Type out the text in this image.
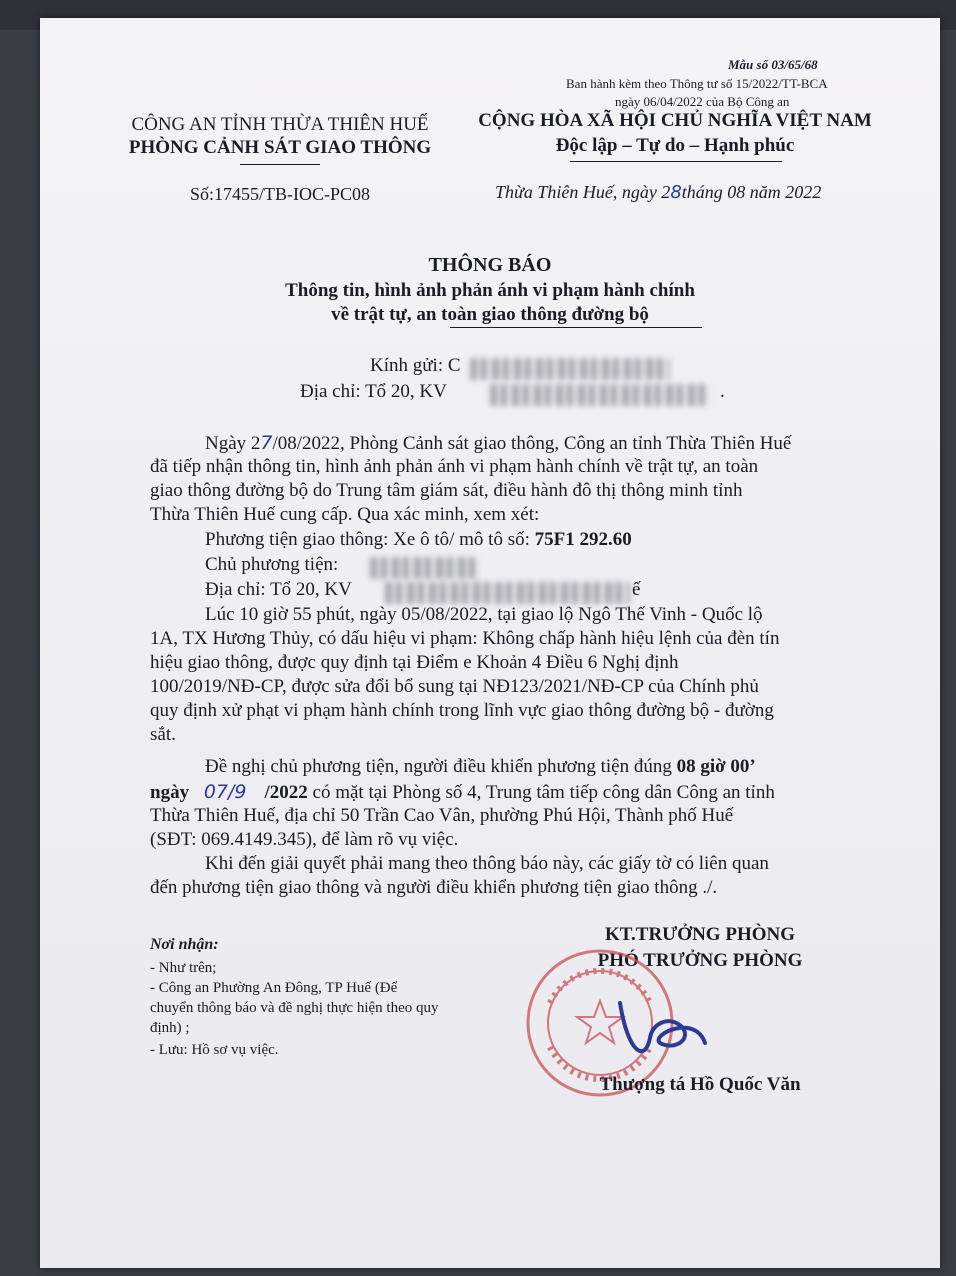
Mẫu số 03/65/68
Ban hành kèm theo Thông tư số 15/2022/TT-BCA
ngày 06/04/2022 của Bộ Công an
CÔNG AN TỈNH THỪA THIÊN HUẾ
PHÒNG CẢNH SÁT GIAO THÔNG
Số:17455/TB-IOC-PC08
CỘNG HÒA XÃ HỘI CHỦ NGHĨA VIỆT NAM
Độc lập – Tự do – Hạnh phúc
Thừa Thiên Huế, ngày 28tháng 08 năm 2022
THÔNG BÁO
Thông tin, hình ảnh phản ánh vi phạm hành chính
về trật tự, an toàn giao thông đường bộ
Kính gửi: C
Địa chỉ: Tổ 20, KV	.
Ngày 27/08/2022, Phòng Cảnh sát giao thông, Công an tỉnh Thừa Thiên Huế
đã tiếp nhận thông tin, hình ảnh phản ánh vi phạm hành chính về trật tự, an toàn
giao thông đường bộ do Trung tâm giám sát, điều hành đô thị thông minh tỉnh
Thừa Thiên Huế cung cấp. Qua xác minh, xem xét:
Phương tiện giao thông: Xe ô tô/ mô tô số: 75F1 292.60
Chủ phương tiện:
Địa chỉ: Tổ 20, KV	ế
Lúc 10 giờ 55 phút, ngày 05/08/2022, tại giao lộ Ngô Thế Vinh - Quốc lộ
1A, TX Hương Thủy, có dấu hiệu vi phạm: Không chấp hành hiệu lệnh của đèn tín
hiệu giao thông, được quy định tại Điểm e Khoản 4 Điều 6 Nghị định
100/2019/NĐ-CP, được sửa đổi bổ sung tại NĐ123/2021/NĐ-CP của Chính phủ
quy định xử phạt vi phạm hành chính trong lĩnh vực giao thông đường bộ - đường
sắt.
Đề nghị chủ phương tiện, người điều khiển phương tiện đúng 08 giờ 00’
ngày 07/9 /2022 có mặt tại Phòng số 4, Trung tâm tiếp công dân Công an tỉnh
Thừa Thiên Huế, địa chỉ 50 Trần Cao Vân, phường Phú Hội, Thành phố Huế
(SĐT: 069.4149.345), để làm rõ vụ việc.
Khi đến giải quyết phải mang theo thông báo này, các giấy tờ có liên quan
đến phương tiện giao thông và người điều khiển phương tiện giao thông ./.
Nơi nhận:
- Như trên;
- Công an Phường An Đông, TP Huế (Để
chuyển thông báo và đề nghị thực hiện theo quy
định) ;
- Lưu: Hồ sơ vụ việc.
KT.TRƯỞNG PHÒNG
PHÓ TRƯỞNG PHÒNG
Thượng tá Hồ Quốc Văn
